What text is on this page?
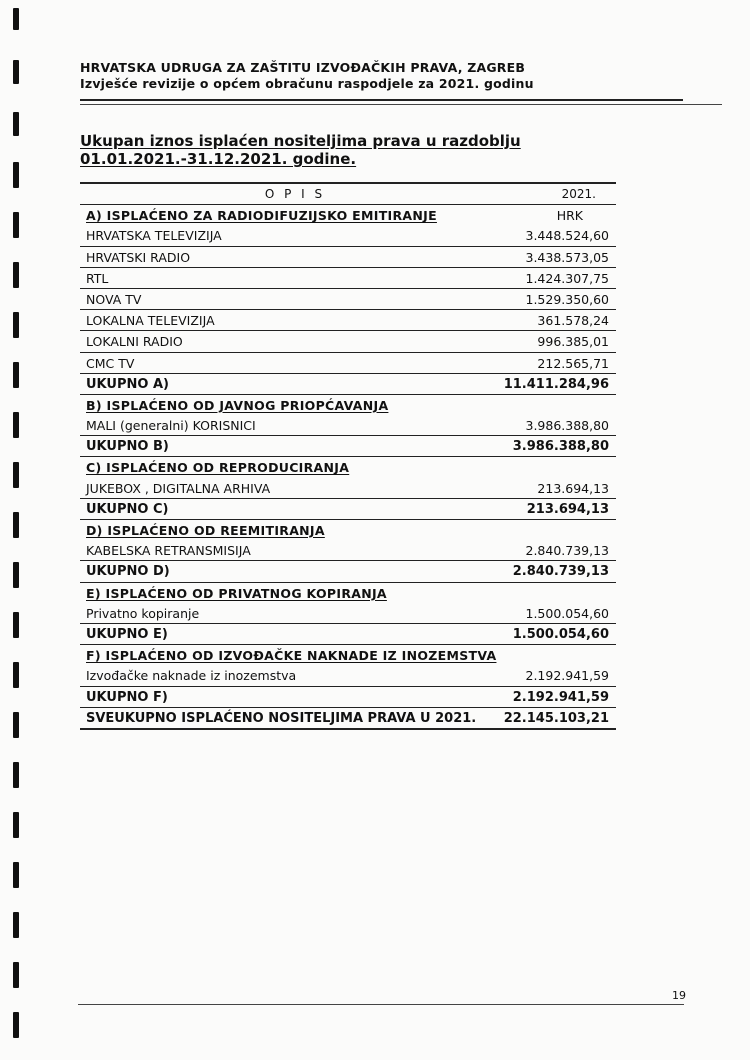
HRVATSKA UDRUGA ZA ZAŠTITU IZVOĐAČKIH PRAVA, ZAGREB
Izvješće revizije o općem obračunu raspodjele za 2021. godinu
Ukupan iznos isplaćen nositeljima prava u razdoblju 01.01.2021.-31.12.2021. godine.
O P I S	2021.
A) ISPLAĆENO ZA RADIODIFUZIJSKO EMITIRANJE	HRK
HRVATSKA TELEVIZIJA	3.448.524,60
HRVATSKI RADIO	3.438.573,05
RTL	1.424.307,75
NOVA TV	1.529.350,60
LOKALNA TELEVIZIJA	361.578,24
LOKALNI RADIO	996.385,01
CMC TV	212.565,71
UKUPNO A)	11.411.284,96
B) ISPLAĆENO OD JAVNOG PRIOPĆAVANJA
MALI (generalni) KORISNICI	3.986.388,80
UKUPNO B)	3.986.388,80
C) ISPLAĆENO OD REPRODUCIRANJA
JUKEBOX , DIGITALNA ARHIVA	213.694,13
UKUPNO C)	213.694,13
D) ISPLAĆENO OD REEMITIRANJA
KABELSKA RETRANSMISIJA	2.840.739,13
UKUPNO D)	2.840.739,13
E) ISPLAĆENO OD PRIVATNOG KOPIRANJA
Privatno kopiranje	1.500.054,60
UKUPNO E)	1.500.054,60
F) ISPLAĆENO OD IZVOĐAČKE NAKNADE IZ INOZEMSTVA
Izvođačke naknade iz inozemstva	2.192.941,59
UKUPNO F)	2.192.941,59
SVEUKUPNO ISPLAĆENO NOSITELJIMA PRAVA U 2021. 22.145.103,21
19
